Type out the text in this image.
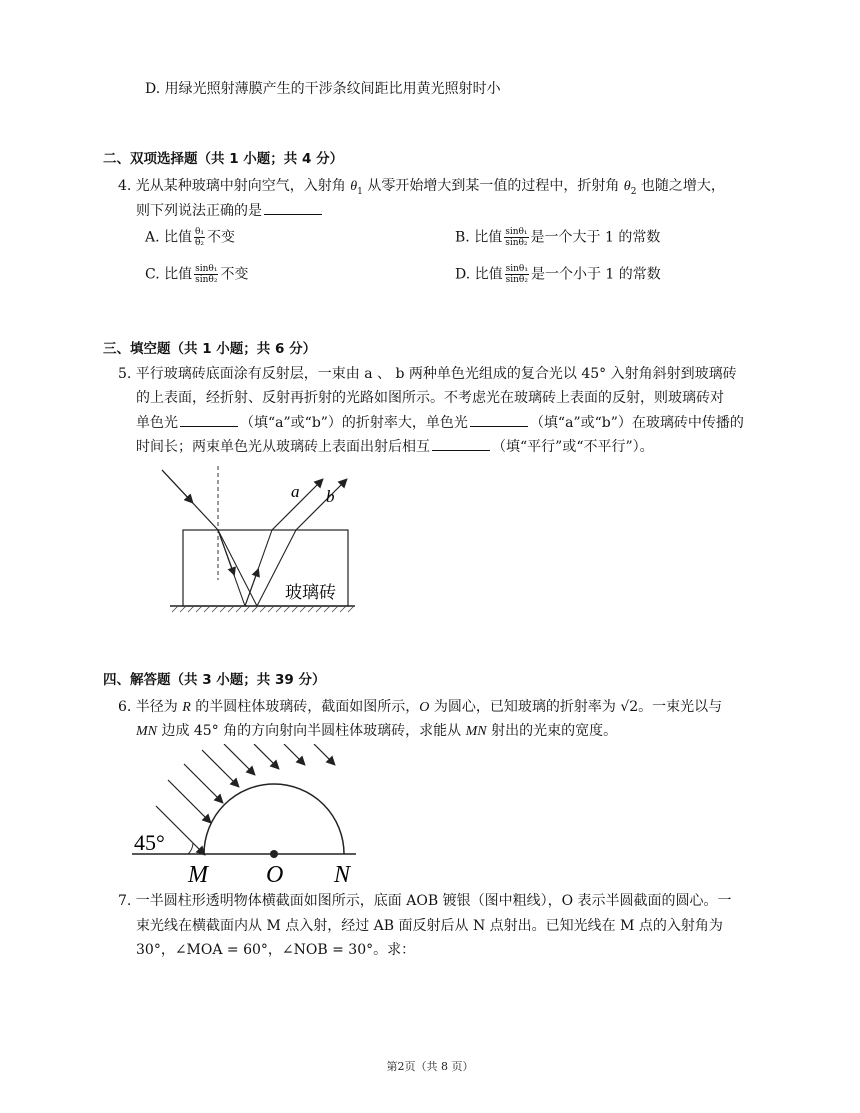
D. 用绿光照射薄膜产生的干涉条纹间距比用黄光照射时小
二、双项选择题（共 1 小题；共 4 分）
4. 光从某种玻璃中射向空气，入射角 $\theta_1$ 从零开始增大到某一值的过程中，折射角 $\theta_2$ 也随之增大，
则下列说法正确的是
A. 比值 $\frac{\text{θ₁}}{\text{θ₂}}$ 不变	B. 比值 $\frac{\text{sinθ₁}}{\text{sinθ₂}}$ 是一个大于 1 的常数
C. 比值 $\frac{\text{sinθ₁}}{\text{sinθ₂}}$ 不变	D. 比值 $\frac{\text{sinθ₁}}{\text{sinθ₂}}$ 是一个小于 1 的常数
三、填空题（共 1 小题；共 6 分）
5. 平行玻璃砖底面涂有反射层，一束由 a 、 b 两种单色光组成的复合光以 45° 入射角斜射到玻璃砖
的上表面，经折射、反射再折射的光路如图所示。不考虑光在玻璃砖上表面的反射，则玻璃砖对
单色光	（填“a”或“b”）的折射率大，单色光	（填“a”或“b”）在玻璃砖中传播的
时间长；两束单色光从玻璃砖上表面出射后相互	（填“平行”或“不平行”）。
a b
玻璃砖
四、解答题（共 3 小题；共 39 分）
6. 半径为 R 的半圆柱体玻璃砖，截面如图所示，O 为圆心，已知玻璃的折射率为 √2。一束光以与
MN 边成 45° 角的方向射向半圆柱体玻璃砖，求能从 MN 射出的光束的宽度。
45°
M O N
7. 一半圆柱形透明物体横截面如图所示，底面 AOB 镀银（图中粗线），O 表示半圆截面的圆心。一
束光线在横截面内从 M 点入射，经过 AB 面反射后从 N 点射出。已知光线在 M 点的入射角为
30°，∠MOA = 60°，∠NOB = 30°。求：
第2页（共 8 页）
